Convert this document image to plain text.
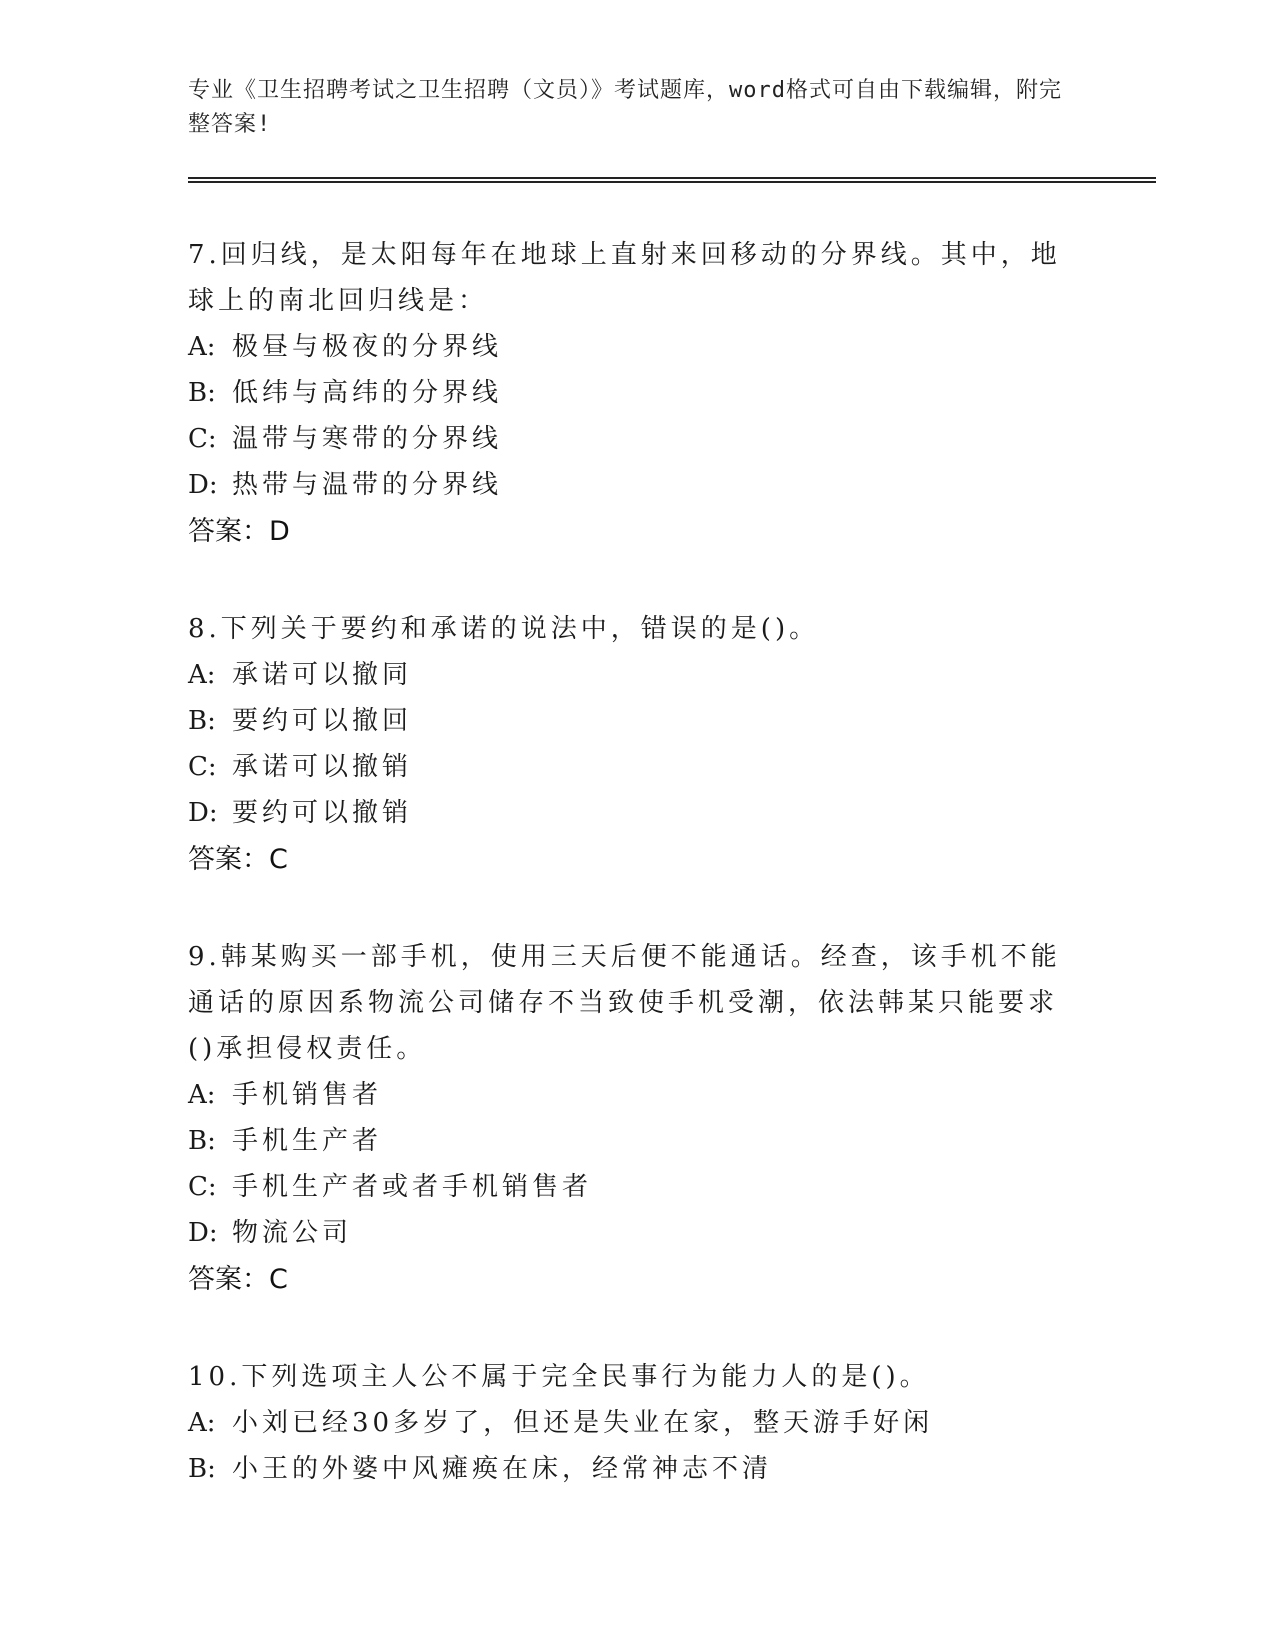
专业《卫生招聘考试之卫生招聘（文员）》考试题库，word格式可自由下载编辑，附完整答案!

7.回归线，是太阳每年在地球上直射来回移动的分界线。其中，地球上的南北回归线是：

A: 极昼与极夜的分界线

B: 低纬与高纬的分界线

C: 温带与寒带的分界线

D: 热带与温带的分界线

答案：D

8.下列关于要约和承诺的说法中，错误的是()。

A: 承诺可以撤同

B: 要约可以撤回

C: 承诺可以撤销

D: 要约可以撤销

答案：C

9.韩某购买一部手机，使用三天后便不能通话。经查，该手机不能通话的原因系物流公司储存不当致使手机受潮，依法韩某只能要求()承担侵权责任。

A: 手机销售者

B: 手机生产者

C: 手机生产者或者手机销售者

D: 物流公司

答案：C

10.下列选项主人公不属于完全民事行为能力人的是()。

A: 小刘已经30多岁了，但还是失业在家，整天游手好闲

B: 小王的外婆中风瘫痪在床，经常神志不清
